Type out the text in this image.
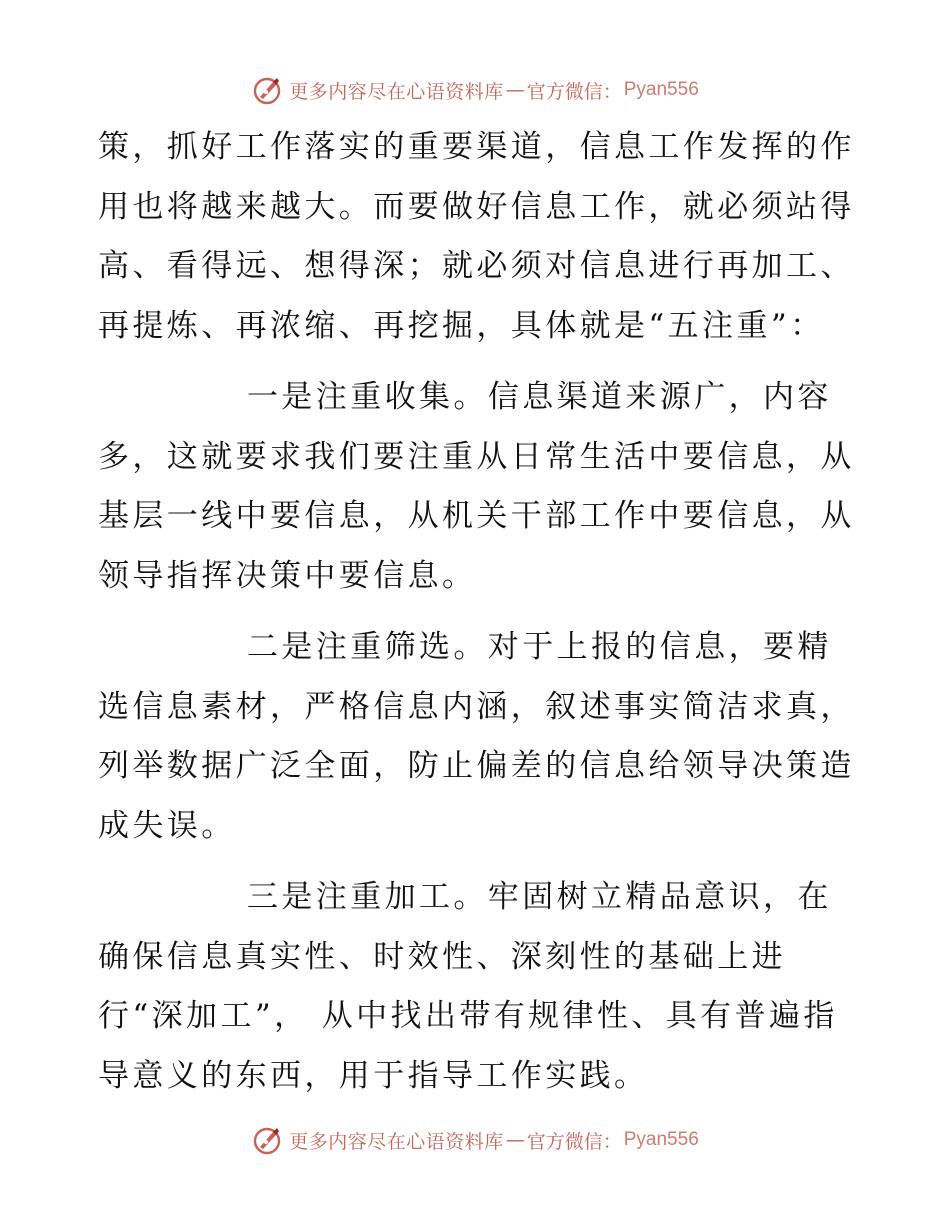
更多内容尽在心语资料库 — 官方微信： Pyan556

策，抓好工作落实的重要渠道，信息工作发挥的作用也将越来越大。而要做好信息工作，就必须站得高、看得远、想得深；就必须对信息进行再加工、再提炼、再浓缩、再挖掘，具体就是“五注重”：

一是注重收集。信息渠道来源广，内容多，这就要求我们要注重从日常生活中要信息，从基层一线中要信息，从机关干部工作中要信息，从领导指挥决策中要信息。

二是注重筛选。对于上报的信息，要精选信息素材，严格信息内涵，叙述事实简洁求真，列举数据广泛全面，防止偏差的信息给领导决策造成失误。

三是注重加工。牢固树立精品意识，在确保信息真实性、时效性、深刻性的基础上进行“深加工”， 从中找出带有规律性、具有普遍指导意义的东西，用于指导工作实践。

更多内容尽在心语资料库 — 官方微信： Pyan556
